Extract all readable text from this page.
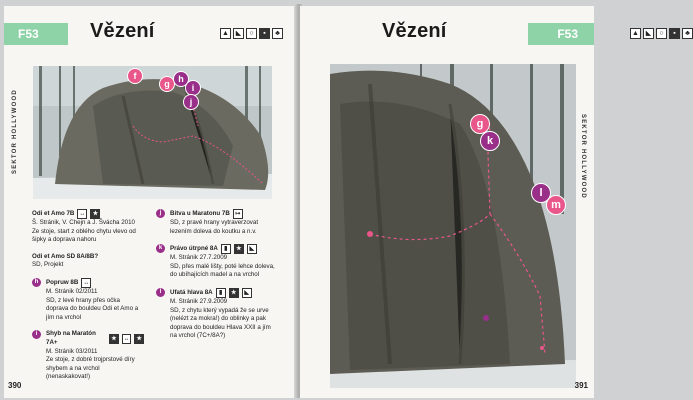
F53	Vězení	▲ ◣	○	▪	♣
SEKTOR HOLLYWOOD
f
g h
i
j
Odi et Amo 7B ↔	★
Š. Stránik, V. Chejn a J. Švácha 2010
Ze stoje, start z oblého chytu vlevo od šipky a doprava nahoru
Odi et Amo SD 8A/8B?
SD, Projekt
h	Popruw 8B ↔
M. Stránik 02/2011
SD, z levé hrany přes očka doprava do bouldeu Odi et Amo a jím na vrchol
i	Shyb na Maratón 7A+	★	↔	★
M. Stránik 03/2011
Ze stoje, z dobré trojprstové díry shybem a na vrchol (nenaskakovat!)
j	Bitva u Maratonu 7B ↦
SD, z pravé hrany vytraverzovat lezením doleva do koutku a n.v.
k	Právo útrpné 8A	▮	★	◣
M. Stránik 27.7.2009
SD, přes malé lišty, poté lehce doleva, do ubíhajících madel a na vrchol
l	Ufatá hlava 8A	▮	★	◣
M. Stránik 27.9.2009
SD, z chytu který vypadá že se urve (nelézt za mokra!) do oblinky a pak doprava do bouldeu Hlava XXII a jím na vrchol (7C+/8A?)
390
Vězení	▲ ◣	○	▪	♣
F53
SEKTOR HOLLYWOOD
g
k
l
m
391
